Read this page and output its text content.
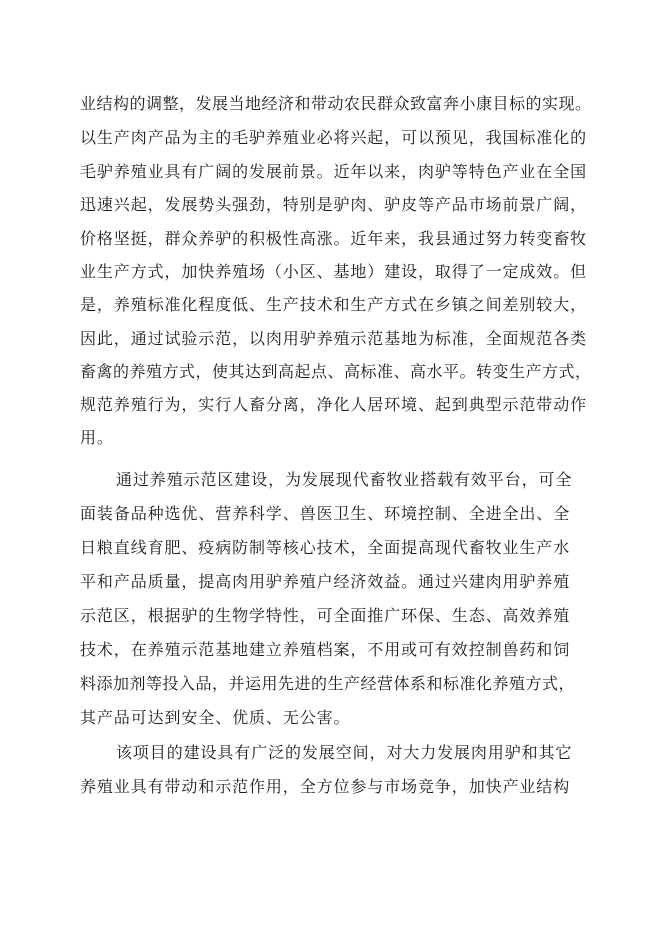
业结构的调整，发展当地经济和带动农民群众致富奔小康目标的实现。
以生产肉产品为主的毛驴养殖业必将兴起，可以预见，我国标准化的
毛驴养殖业具有广阔的发展前景。近年以来，肉驴等特色产业在全国
迅速兴起，发展势头强劲，特别是驴肉、驴皮等产品市场前景广阔，
价格坚挺，群众养驴的积极性高涨。近年来，我县通过努力转变畜牧
业生产方式，加快养殖场（小区、基地）建设，取得了一定成效。但
是，养殖标准化程度低、生产技术和生产方式在乡镇之间差别较大，
因此，通过试验示范，以肉用驴养殖示范基地为标准，全面规范各类
畜禽的养殖方式，使其达到高起点、高标准、高水平。转变生产方式，
规范养殖行为，实行人畜分离，净化人居环境、起到典型示范带动作
用。
通过养殖示范区建设，为发展现代畜牧业搭载有效平台，可全
面装备品种选优、营养科学、兽医卫生、环境控制、全进全出、全
日粮直线育肥、疫病防制等核心技术，全面提高现代畜牧业生产水
平和产品质量，提高肉用驴养殖户经济效益。通过兴建肉用驴养殖
示范区，根据驴的生物学特性，可全面推广环保、生态、高效养殖
技术，在养殖示范基地建立养殖档案，不用或可有效控制兽药和饲
料添加剂等投入品，并运用先进的生产经营体系和标准化养殖方式，
其产品可达到安全、优质、无公害。
该项目的建设具有广泛的发展空间，对大力发展肉用驴和其它
养殖业具有带动和示范作用，全方位参与市场竞争，加快产业结构
